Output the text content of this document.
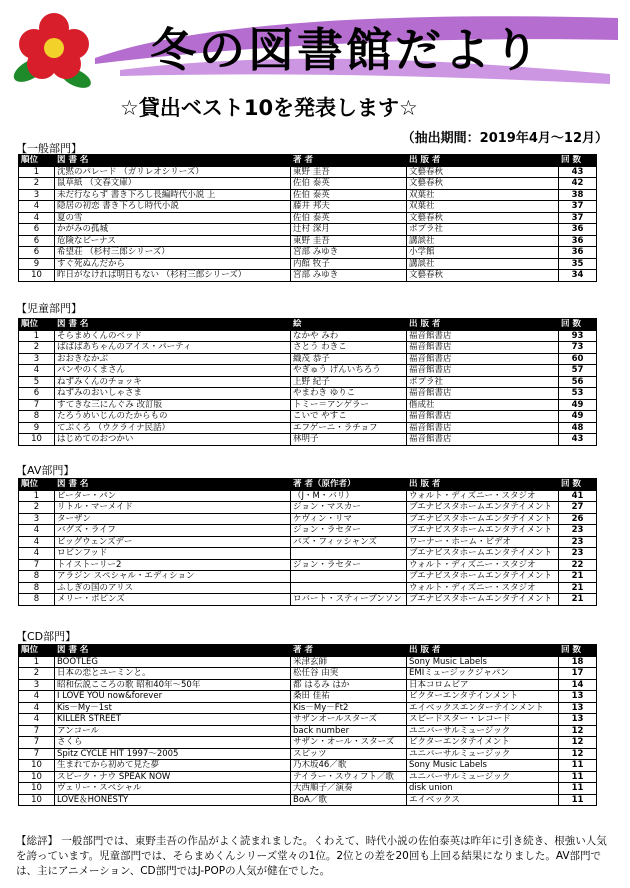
冬の図書館だより
☆貸出ベスト10を発表します☆
（抽出期間：2019年4月～12月）
【一般部門】
順位	図 書 名	著 者	出 版 者	回 数
1	沈黙のパレード （ガリレオシリーズ）	東野 圭吾	文藝春秋	43
2	鼠草紙 （文春文庫）	佐伯 泰英	文藝春秋	42
3	未だ行ならず 書き下ろし長編時代小説 上	佐伯 泰英	双葉社	38
4	隠居の初恋 書き下ろし時代小説	藤井 邦夫	双葉社	37
4	夏の雪	佐伯 泰英	文藝春秋	37
6	かがみの孤城	辻村 深月	ポプラ社	36
6	危険なビーナス	東野 圭吾	講談社	36
6	希望荘 （杉村三郎シリーズ）	宮部 みゆき	小学館	36
9	すぐ死ぬんだから	内館 牧子	講談社	35
10	昨日がなければ明日もない （杉村三郎シリーズ）	宮部 みゆき	文藝春秋	34
【児童部門】
順位	図 書 名	絵	出 版 者	回 数
1	そらまめくんのベッド	なかや みわ	福音館書店	93
2	ばばばあちゃんのアイス・パーティ	さとう わきこ	福音館書店	73
3	おおきなかぶ	織茂 恭子	福音館書店	60
4	パンやのくまさん	やぎゅう げんいちろう	福音館書店	57
5	ねずみくんのチョッキ	上野 紀子	ポプラ社	56
6	ねずみのおいしゃさま	やまわき ゆりこ	福音館書店	53
7	すてきな三にんぐみ 改訂版	トミー＝アンゲラー	偕成社	49
8	たろうめいじんのたからもの	こいで やすこ	福音館書店	49
9	てぶくろ （ウクライナ民話）	エフゲーニ・ラチョフ	福音館書店	48
10	はじめてのおつかい	林明子	福音館書店	43
【AV部門】
順位	図 書 名	著 者（原作者）	出 版 者	回 数
1	ピーター・パン	（J・M・バリ）	ウォルト・ディズニー・スタジオ	41
2	リトル・マーメイド	ジョン・マスカー	ブエナビスタホームエンタテイメント	27
3	ターザン	ケヴィン・リマ	ブエナビスタホームエンタテイメント	26
4	バグズ・ライフ	ジョン・ラセター	ブエナビスタホームエンタテイメント	23
4	ビッグウェンズデー	バズ・フィッシャンズ	ワーナー・ホーム・ビデオ	23
4	ロビンフッド		ブエナビスタホームエンタテイメント	23
7	トイストーリー2	ジョン・ラセター	ウォルト・ディズニー・スタジオ	22
8	アラジン スペシャル・エディション		ブエナビスタホームエンタテイメント	21
8	ふしぎの国のアリス		ウォルト・ディズニー・スタジオ	21
8	メリー・ポピンズ	ロバート・スティーブンソン	ブエナビスタホームエンタテイメント	21
【CD部門】
順位	図 書 名	著 者	出 版 者	回 数
1	BOOTLEG	米津玄師	Sony Music Labels	18
2	日本の恋とユーミンと。	松任谷 由実	EMIミュージックジャパン	17
3	昭和伝説こころの歌 昭和40年～50年	都 はるみ はか	日本コロムビア	14
4	I LOVE YOU now&forever	桑田 佳祐	ビクターエンタテインメント	13
4	Kis－My－1st	Kis－My－Ft2	エイベックスエンターテインメント	13
4	KILLER STREET	サザンオールスターズ	スピードスター・レコード	13
7	アンコール	back number	ユニバーサルミュージック	12
7	さくら	サザン・オール・スターズ	ビクターエンタテイメント	12
7	Spitz CYCLE HIT 1997～2005	スピッツ	ユニバーサルミュージック	12
10	生まれてから初めて見た夢	乃木坂46／歌	Sony Music Labels	11
10	スピーク・ナウ SPEAK NOW	テイラー・スウィフト／歌	ユニバーサルミュージック	11
10	ヴェリー・スペシャル	大西順子／演奏	disk union	11
10	LOVE＆HONESTY	BoA／歌	エイベックス	11
【総評】 一般部門では、東野圭吾の作品がよく読まれました。くわえて、時代小説の佐伯泰英は昨年に引き続き、根強い人気を誇っています。児童部門では、そらまめくんシリーズ堂々の1位。2位との差を20回も上回る結果になりました。AV部門では、主にアニメーション、CD部門ではJ-POPの人気が健在でした。
